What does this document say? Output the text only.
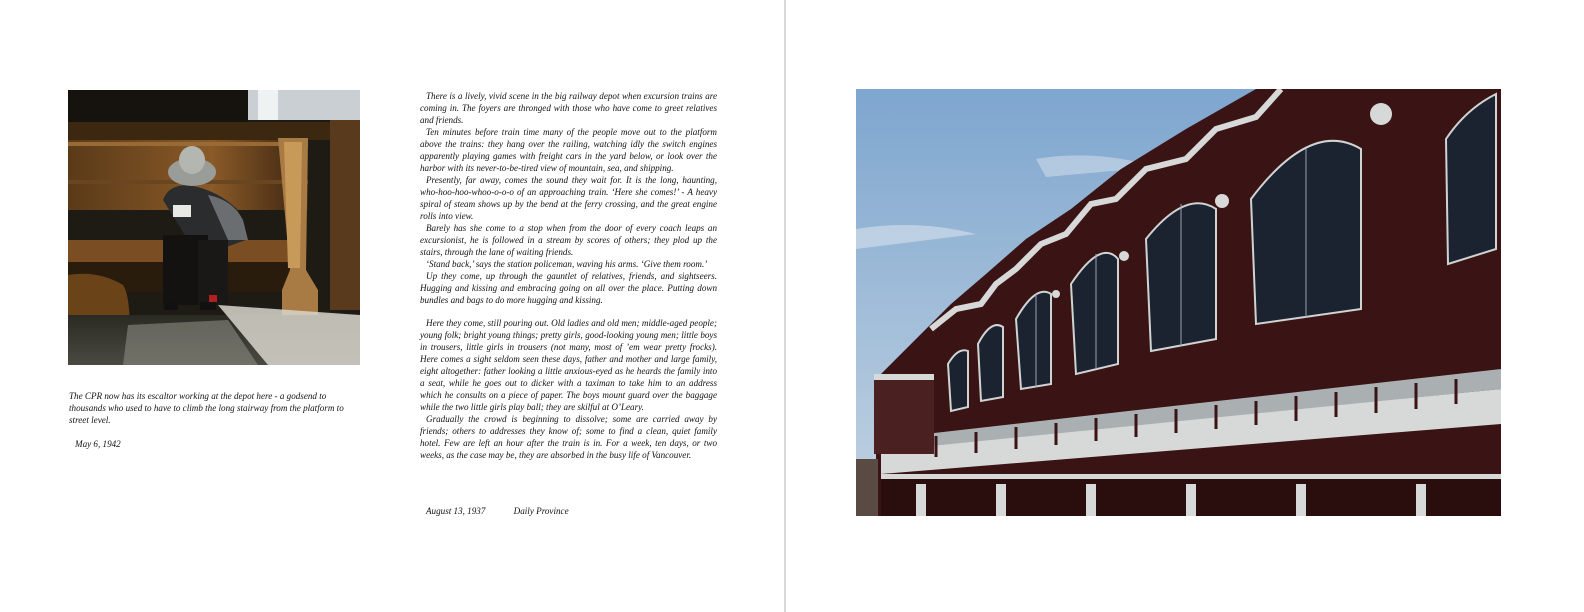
The CPR now has its escaltor working at the depot here - a godsend to thousands who used to have to climb the long stairway from the platform to street level.
May 6, 1942

There is a lively, vivid scene in the big railway depot when excursion trains are coming in. The foyers are thronged with those who have come to greet relatives and friends.

Ten minutes before train time many of the people move out to the platform above the trains: they hang over the railing, watching idly the switch engines apparently playing games with freight cars in the yard below, or look over the harbor with its never-to-be-tired view of mountain, sea, and shipping.

Presently, far away, comes the sound they wait for. It is the long, haunting, who-hoo-hoo-whoo-o-o-o of an approaching train. ‘Here she comes!’ - A heavy spiral of steam shows up by the bend at the ferry crossing, and the great engine rolls into view.

Barely has she come to a stop when from the door of every coach leaps an excursionist, he is followed in a stream by scores of others; they plod up the stairs, through the lane of waiting friends.

‘Stand back,’ says the station policeman, waving his arms. ‘Give them room.’

Up they come, up through the gauntlet of relatives, friends, and sightseers. Hugging and kissing and embracing going on all over the place. Putting down bundles and bags to do more hugging and kissing.

Here they come, still pouring out. Old ladies and old men; middle-aged people; young folk; bright young things; pretty girls, good-looking young men; little boys in trousers, little girls in trousers (not many, most of ’em wear pretty frocks). Here comes a sight seldom seen these days, father and mother and large family, eight altogether: father looking a little anxious-eyed as he heards the family into a seat, while he goes out to dicker with a taximan to take him to an address which he consults on a piece of paper. The boys mount guard over the baggage while the two little girls play ball; they are skilful at O’Leary.

Gradually the crowd is beginning to dissolve; some are carried away by friends; others to addresses they know of; some to find a clean, quiet family hotel. Few are left an hour after the train is in. For a week, ten days, or two weeks, as the case may be, they are absorbed in the busy life of Vancouver.

August 13, 1937	Daily Province
